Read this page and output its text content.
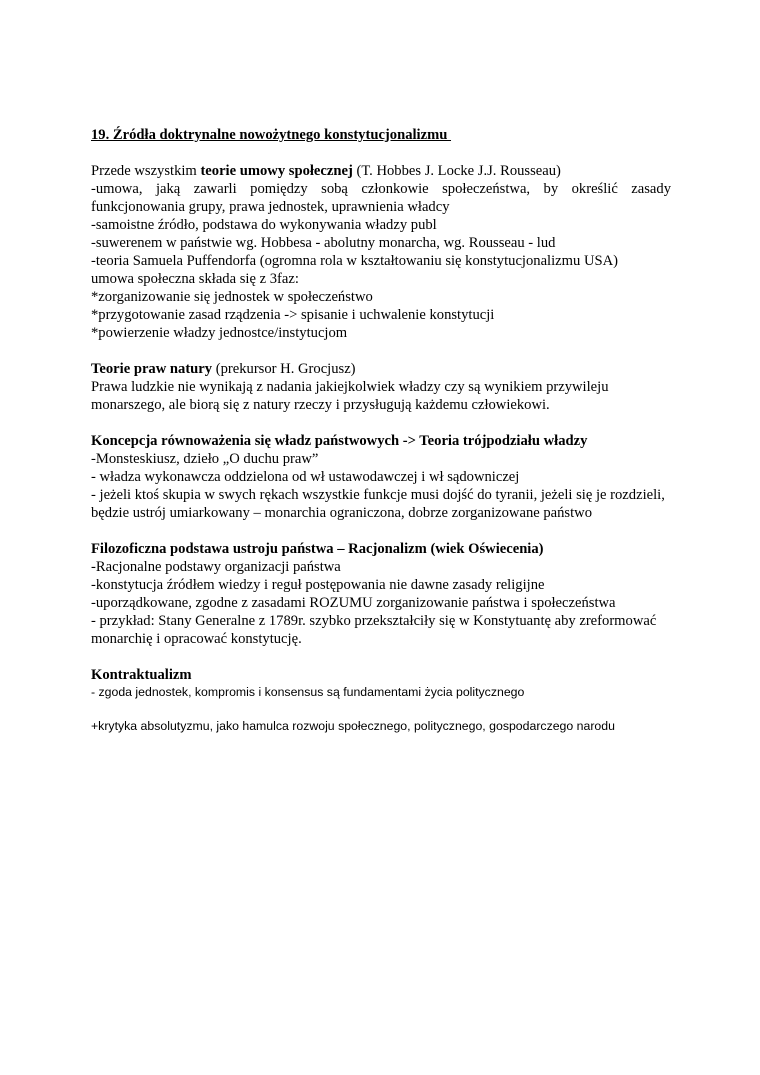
19. Źródła doktrynalne nowożytnego konstytucjonalizmu

Przede wszystkim teorie umowy społecznej (T. Hobbes J. Locke J.J. Rousseau)

-umowa, jaką zawarli pomiędzy sobą członkowie społeczeństwa, by określić zasady funkcjonowania grupy, prawa jednostek, uprawnienia władcy

-samoistne źródło, podstawa do wykonywania władzy publ

-suwerenem w państwie wg. Hobbesa - abolutny monarcha, wg. Rousseau - lud

-teoria Samuela Puffendorfa (ogromna rola w kształtowaniu się konstytucjonalizmu USA)

umowa społeczna składa się z 3faz:

*zorganizowanie się jednostek w społeczeństwo

*przygotowanie zasad rządzenia -> spisanie i uchwalenie konstytucji

*powierzenie władzy jednostce/instytucjom

Teorie praw natury (prekursor H. Grocjusz)

Prawa ludzkie nie wynikają z nadania jakiejkolwiek władzy czy są wynikiem przywileju monarszego, ale biorą się z natury rzeczy i przysługują każdemu człowiekowi.

Koncepcja równoważenia się władz państwowych -> Teoria trójpodziału władzy

-Monsteskiusz, dzieło „O duchu praw”

- władza wykonawcza oddzielona od wł ustawodawczej i wł sądowniczej

- jeżeli ktoś skupia w swych rękach wszystkie funkcje musi dojść do tyranii, jeżeli się je rozdzieli, będzie ustrój umiarkowany – monarchia ograniczona, dobrze zorganizowane państwo

Filozoficzna podstawa ustroju państwa – Racjonalizm (wiek Oświecenia)

-Racjonalne podstawy organizacji państwa

-konstytucja źródłem wiedzy i reguł postępowania nie dawne zasady religijne

-uporządkowane, zgodne z zasadami ROZUMU zorganizowanie państwa i społeczeństwa

- przykład: Stany Generalne z 1789r. szybko przekształciły się w Konstytuantę aby zreformować monarchię i opracować konstytucję.

Kontraktualizm

- zgoda jednostek, kompromis i konsensus są fundamentami życia politycznego

+krytyka absolutyzmu, jako hamulca rozwoju społecznego, politycznego, gospodarczego narodu
